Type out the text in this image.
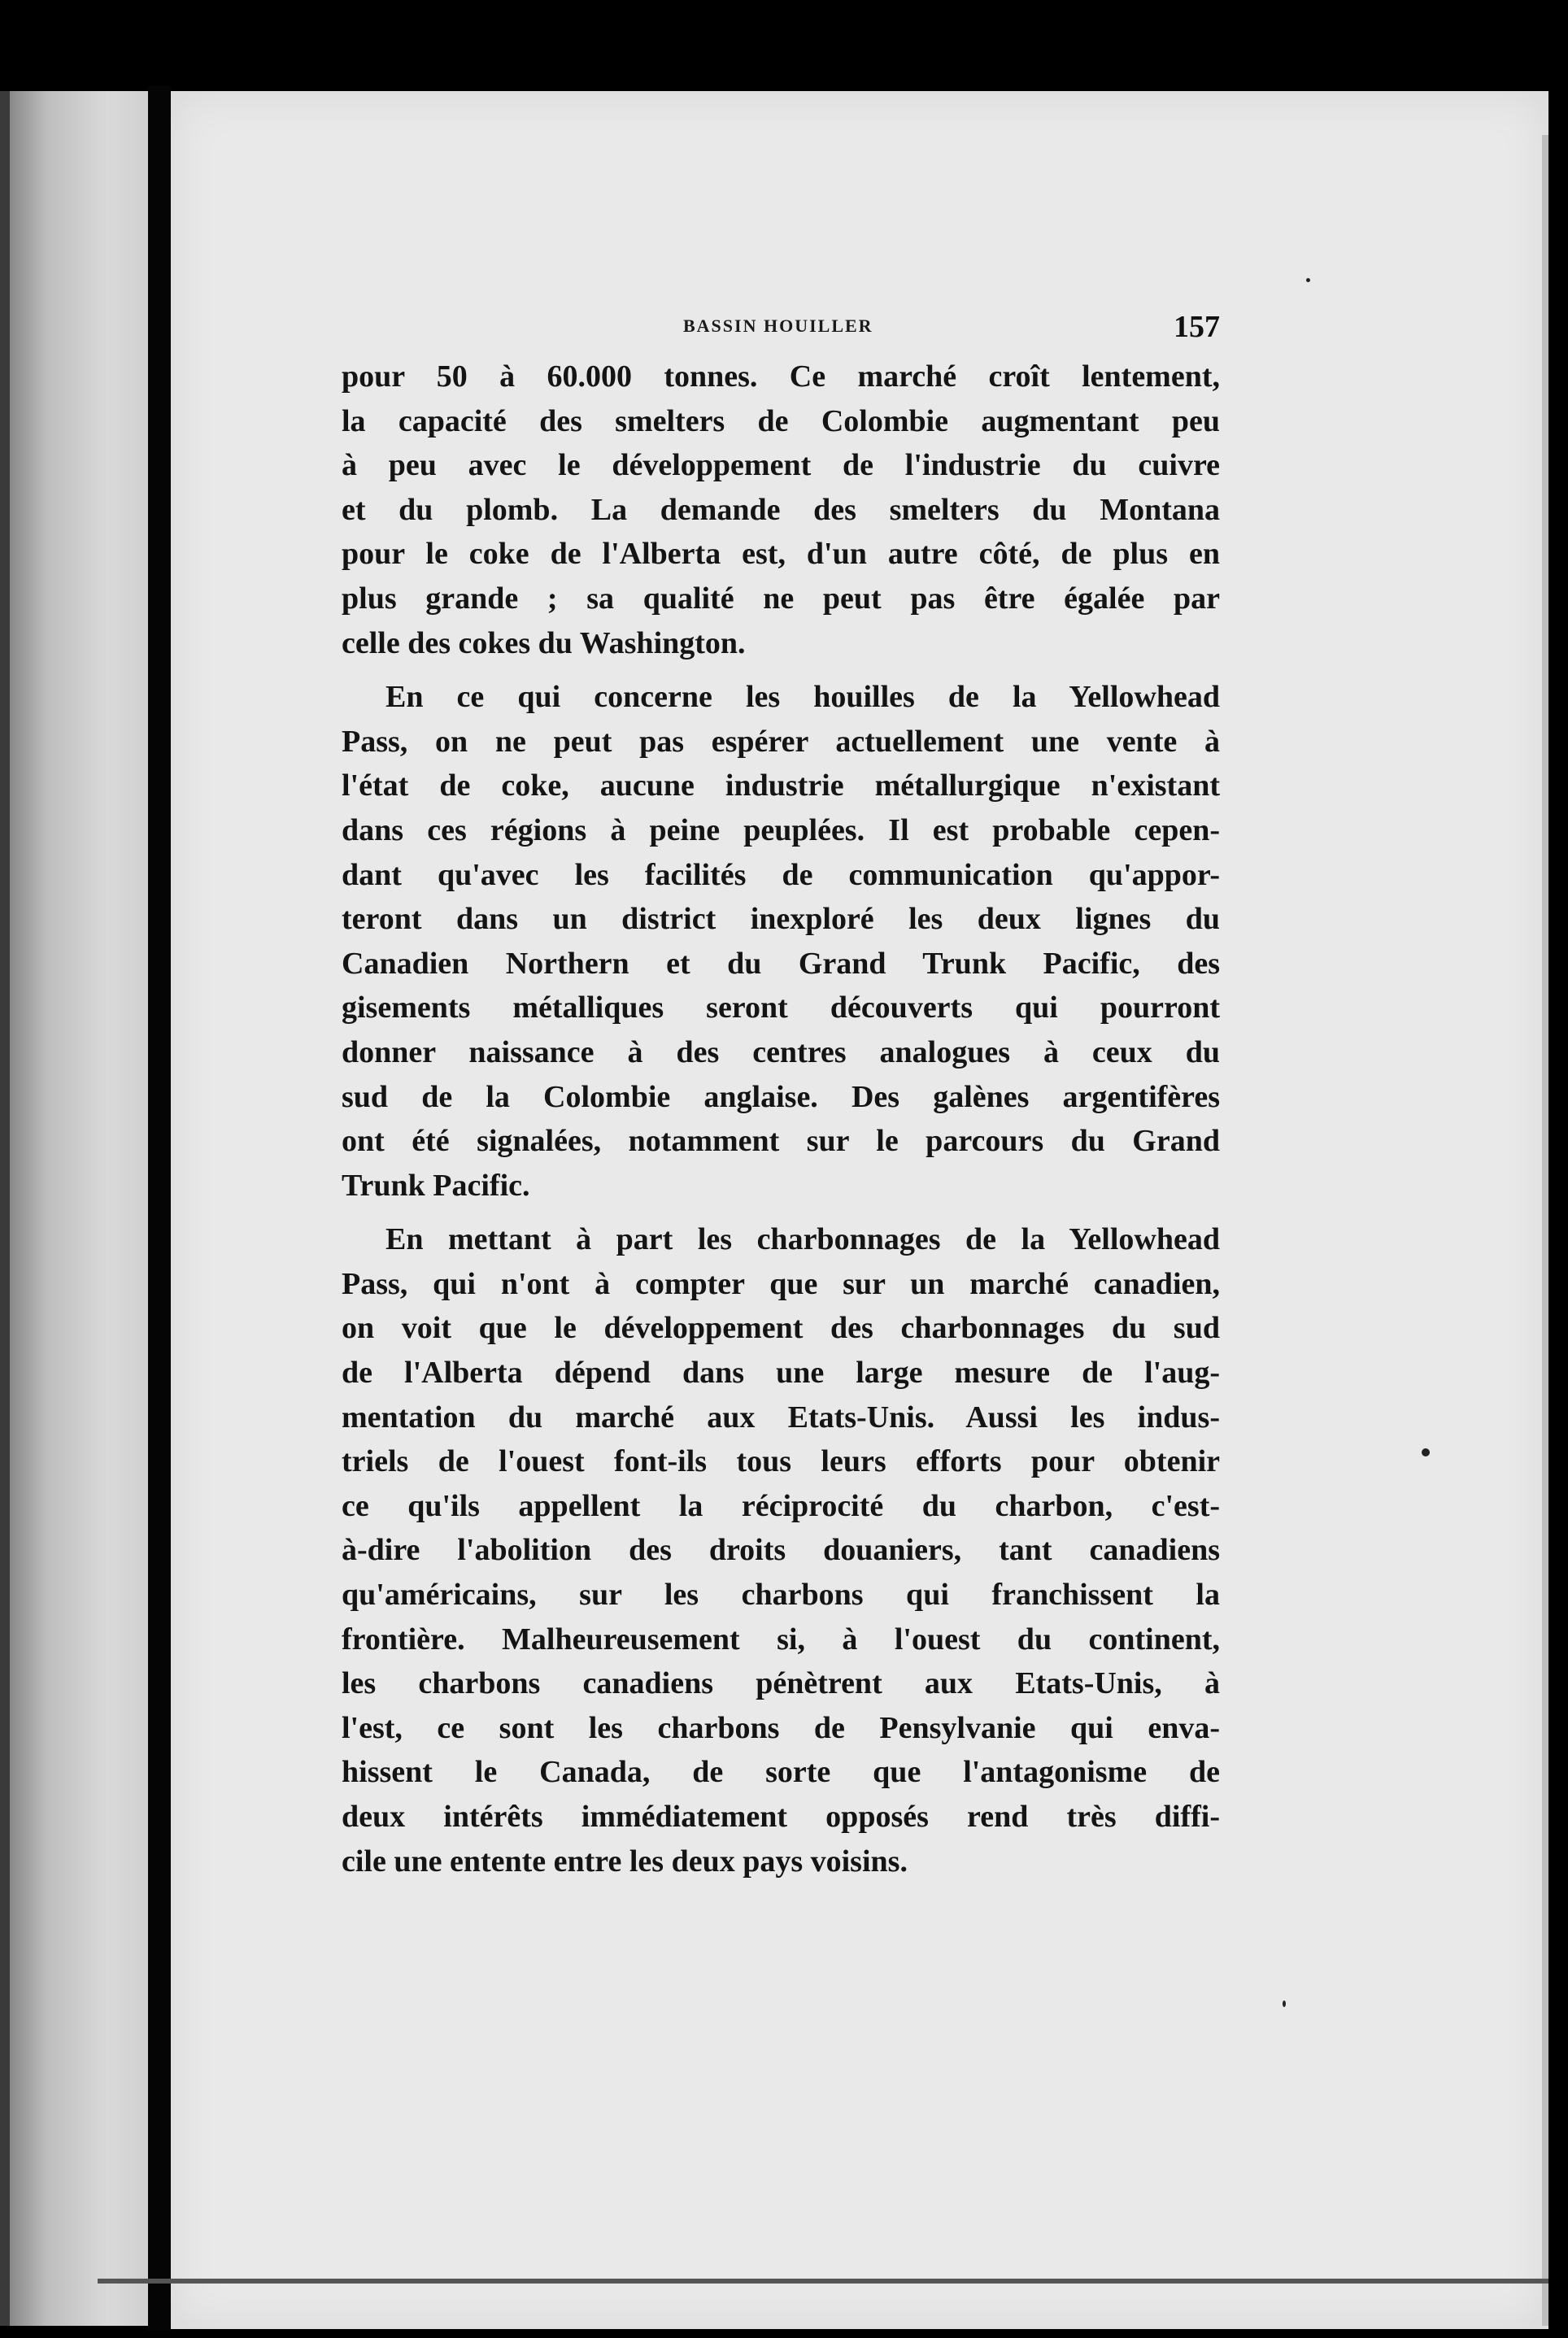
BASSIN HOUILLER	157
pour 50 à 60.000 tonnes. Ce marché croît lentement,
la capacité des smelters de Colombie augmentant peu
à peu avec le développement de l'industrie du cuivre
et du plomb. La demande des smelters du Montana
pour le coke de l'Alberta est, d'un autre côté, de plus en
plus grande ; sa qualité ne peut pas être égalée par
celle des cokes du Washington.
En ce qui concerne les houilles de la Yellowhead
Pass, on ne peut pas espérer actuellement une vente à
l'état de coke, aucune industrie métallurgique n'existant
dans ces régions à peine peuplées. Il est probable cepen-
dant qu'avec les facilités de communication qu'appor-
teront dans un district inexploré les deux lignes du
Canadien Northern et du Grand Trunk Pacific, des
gisements métalliques seront découverts qui pourront
donner naissance à des centres analogues à ceux du
sud de la Colombie anglaise. Des galènes argentifères
ont été signalées, notamment sur le parcours du Grand
Trunk Pacific.
En mettant à part les charbonnages de la Yellowhead
Pass, qui n'ont à compter que sur un marché canadien,
on voit que le développement des charbonnages du sud
de l'Alberta dépend dans une large mesure de l'aug-
mentation du marché aux Etats-Unis. Aussi les indus-
triels de l'ouest font-ils tous leurs efforts pour obtenir
ce qu'ils appellent la réciprocité du charbon, c'est-
à-dire l'abolition des droits douaniers, tant canadiens
qu'américains, sur les charbons qui franchissent la
frontière. Malheureusement si, à l'ouest du continent,
les charbons canadiens pénètrent aux Etats-Unis, à
l'est, ce sont les charbons de Pensylvanie qui enva-
hissent le Canada, de sorte que l'antagonisme de
deux intérêts immédiatement opposés rend très diffi-
cile une entente entre les deux pays voisins.
